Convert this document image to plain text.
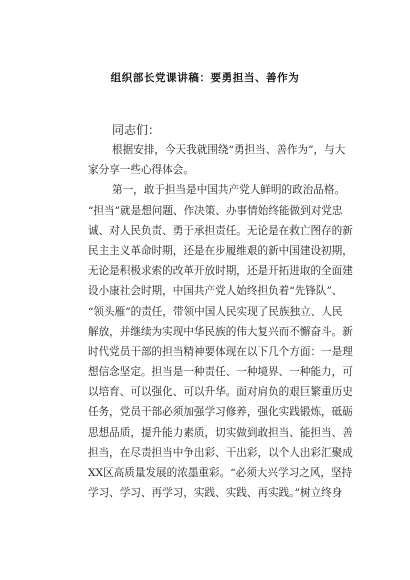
组织部长党课讲稿：要勇担当、善作为
同志们：
根据安排，今天我就围绕“勇担当、善作为”，与大
家分享一些心得体会。
第一，敢于担当是中国共产党人鲜明的政治品格。
“担当”就是想问题、作决策、办事情始终能做到对党忠
诚、对人民负责、勇于承担责任。无论是在救亡图存的新
民主主义革命时期，还是在步履维艰的新中国建设初期，
无论是积极求索的改革开放时期，还是开拓进取的全面建
设小康社会时期，中国共产党人始终担负着“先锋队”、
“领头雁”的责任，带领中国人民实现了民族独立、人民
解放，并继续为实现中华民族的伟大复兴而不懈奋斗。新
时代党员干部的担当精神要体现在以下几个方面：一是理
想信念坚定。担当是一种责任、一种境界、一种能力，可
以培育、可以强化、可以升华。面对肩负的艰巨繁重历史
任务，党员干部必须加强学习修养，强化实践锻炼，砥砺
思想品质，提升能力素质，切实做到敢担当、能担当、善
担当，在尽责担当中争出彩、干出彩，以个人出彩汇聚成
XX区高质量发展的浓墨重彩。“必须大兴学习之风，坚持
学习、学习、再学习，实践、实践、再实践。”树立终身
